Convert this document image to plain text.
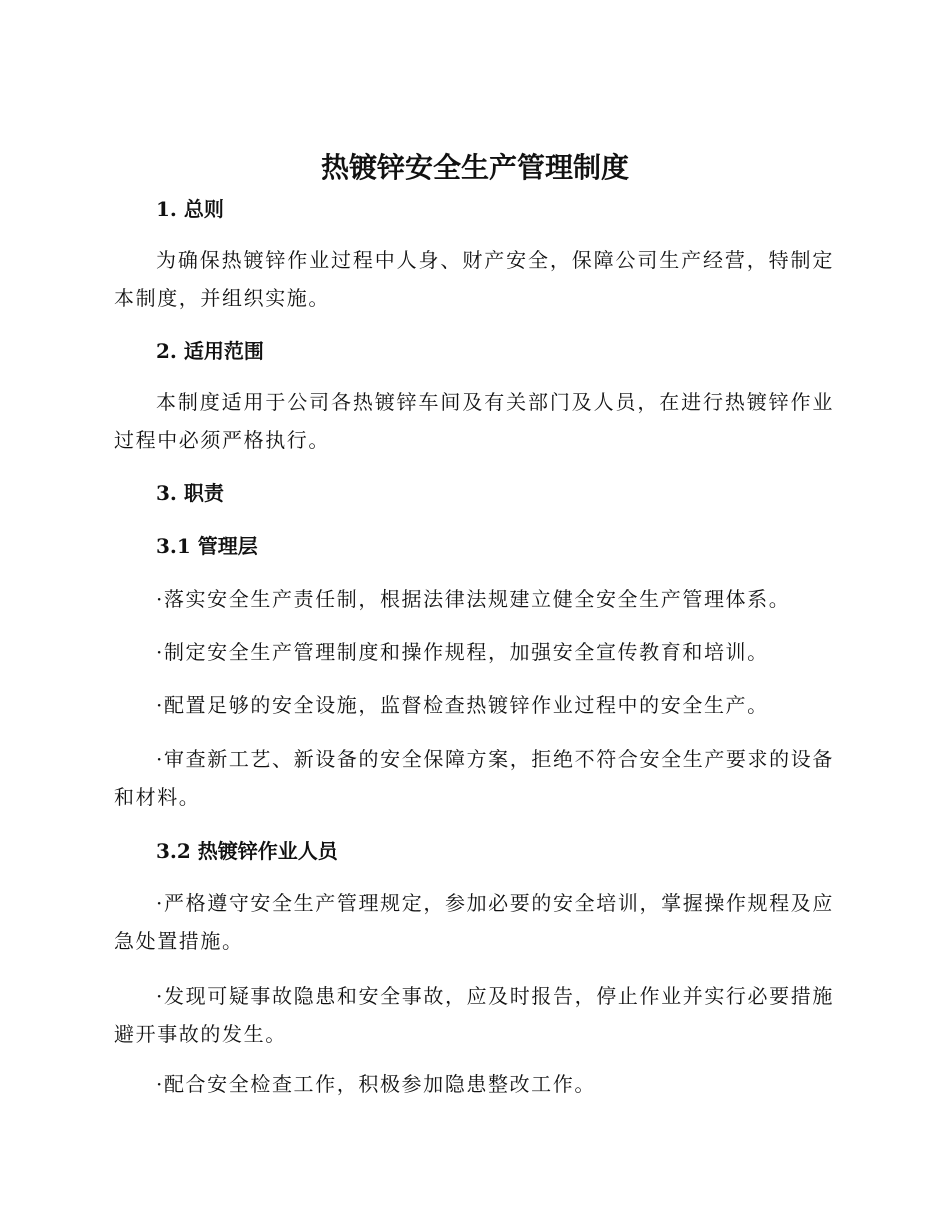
热镀锌安全生产管理制度
1. 总则
为确保热镀锌作业过程中人身、财产安全，保障公司生产经营，特制定本制度，并组织实施。
2. 适用范围
本制度适用于公司各热镀锌车间及有关部门及人员，在进行热镀锌作业过程中必须严格执行。
3. 职责
3.1 管理层
·落实安全生产责任制，根据法律法规建立健全安全生产管理体系。
·制定安全生产管理制度和操作规程，加强安全宣传教育和培训。
·配置足够的安全设施，监督检查热镀锌作业过程中的安全生产。
·审查新工艺、新设备的安全保障方案，拒绝不符合安全生产要求的设备和材料。
3.2 热镀锌作业人员
·严格遵守安全生产管理规定，参加必要的安全培训，掌握操作规程及应急处置措施。
·发现可疑事故隐患和安全事故，应及时报告，停止作业并实行必要措施避开事故的发生。
·配合安全检查工作，积极参加隐患整改工作。
